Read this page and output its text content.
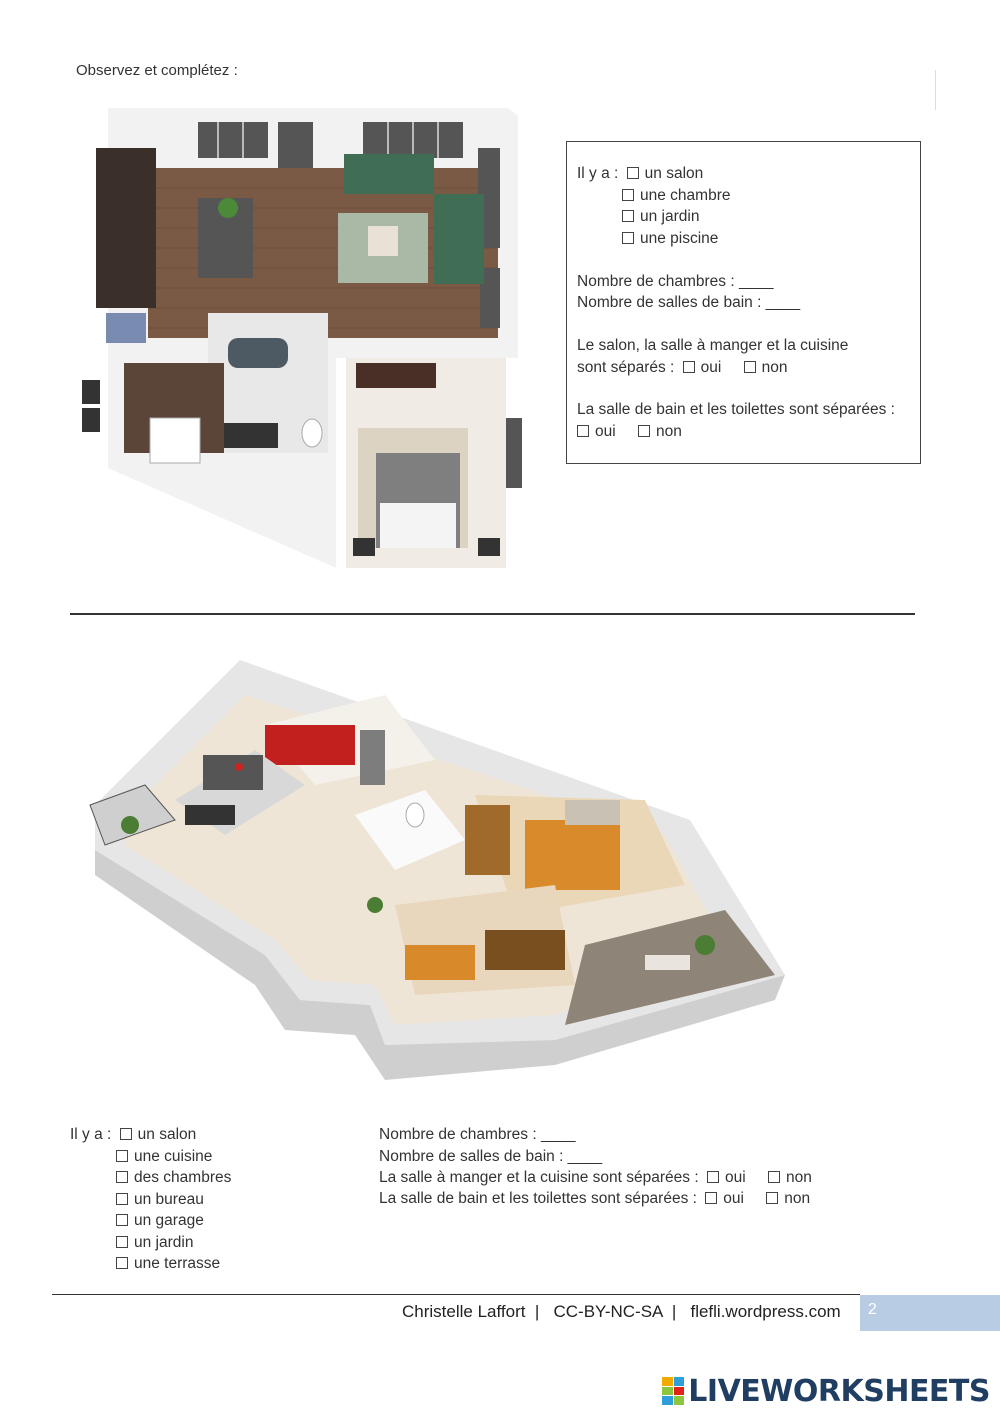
Observez et complétez :
Il y a : un salon
une chambre
un jardin
une piscine
Nombre de chambres : ____
Nombre de salles de bain : ____
Le salon, la salle à manger et la cuisine
sont séparés : oui	non
La salle de bain et les toilettes sont séparées :
oui	non
Il y a : un salon
une cuisine
des chambres
un bureau
un garage
un jardin
une terrasse
Nombre de chambres : ____
Nombre de salles de bain : ____
La salle à manger et la cuisine sont séparées : oui	non
La salle de bain et les toilettes sont séparées : oui	non
Christelle Laffort  |   CC-BY-NC-SA  |   flefli.wordpress.com 2
LIVEWORKSHEETS
